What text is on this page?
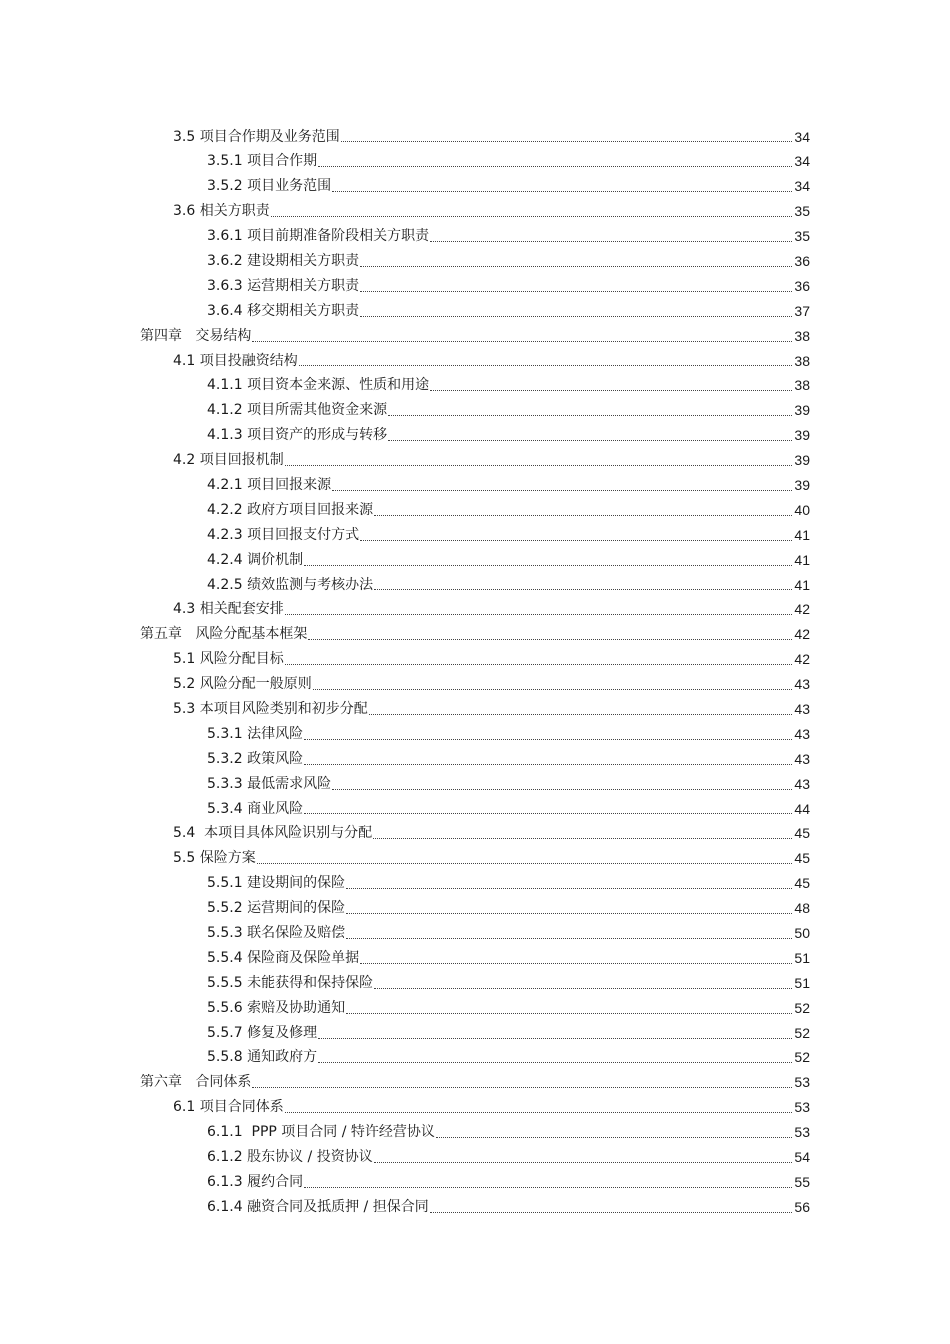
3.5 项目合作期及业务范围	34
3.5.1 项目合作期	34
3.5.2 项目业务范围	34
3.6 相关方职责	35
3.6.1 项目前期准备阶段相关方职责	35
3.6.2 建设期相关方职责	36
3.6.3 运营期相关方职责	36
3.6.4 移交期相关方职责	37
第四章   交易结构	38
4.1 项目投融资结构	38
4.1.1 项目资本金来源、性质和用途	38
4.1.2 项目所需其他资金来源	39
4.1.3 项目资产的形成与转移	39
4.2 项目回报机制	39
4.2.1 项目回报来源	39
4.2.2 政府方项目回报来源	40
4.2.3 项目回报支付方式	41
4.2.4 调价机制	41
4.2.5 绩效监测与考核办法	41
4.3 相关配套安排	42
第五章   风险分配基本框架	42
5.1 风险分配目标	42
5.2 风险分配一般原则	43
5.3 本项目风险类别和初步分配	43
5.3.1 法律风险	43
5.3.2 政策风险	43
5.3.3 最低需求风险	43
5.3.4 商业风险	44
5.4  本项目具体风险识别与分配	45
5.5 保险方案	45
5.5.1 建设期间的保险	45
5.5.2 运营期间的保险	48
5.5.3 联名保险及赔偿	50
5.5.4 保险商及保险单据	51
5.5.5 未能获得和保持保险	51
5.5.6 索赔及协助通知	52
5.5.7 修复及修理	52
5.5.8 通知政府方	52
第六章   合同体系	53
6.1 项目合同体系	53
6.1.1  PPP 项目合同 / 特许经营协议	53
6.1.2 股东协议 / 投资协议	54
6.1.3 履约合同	55
6.1.4 融资合同及抵质押 / 担保合同	56
